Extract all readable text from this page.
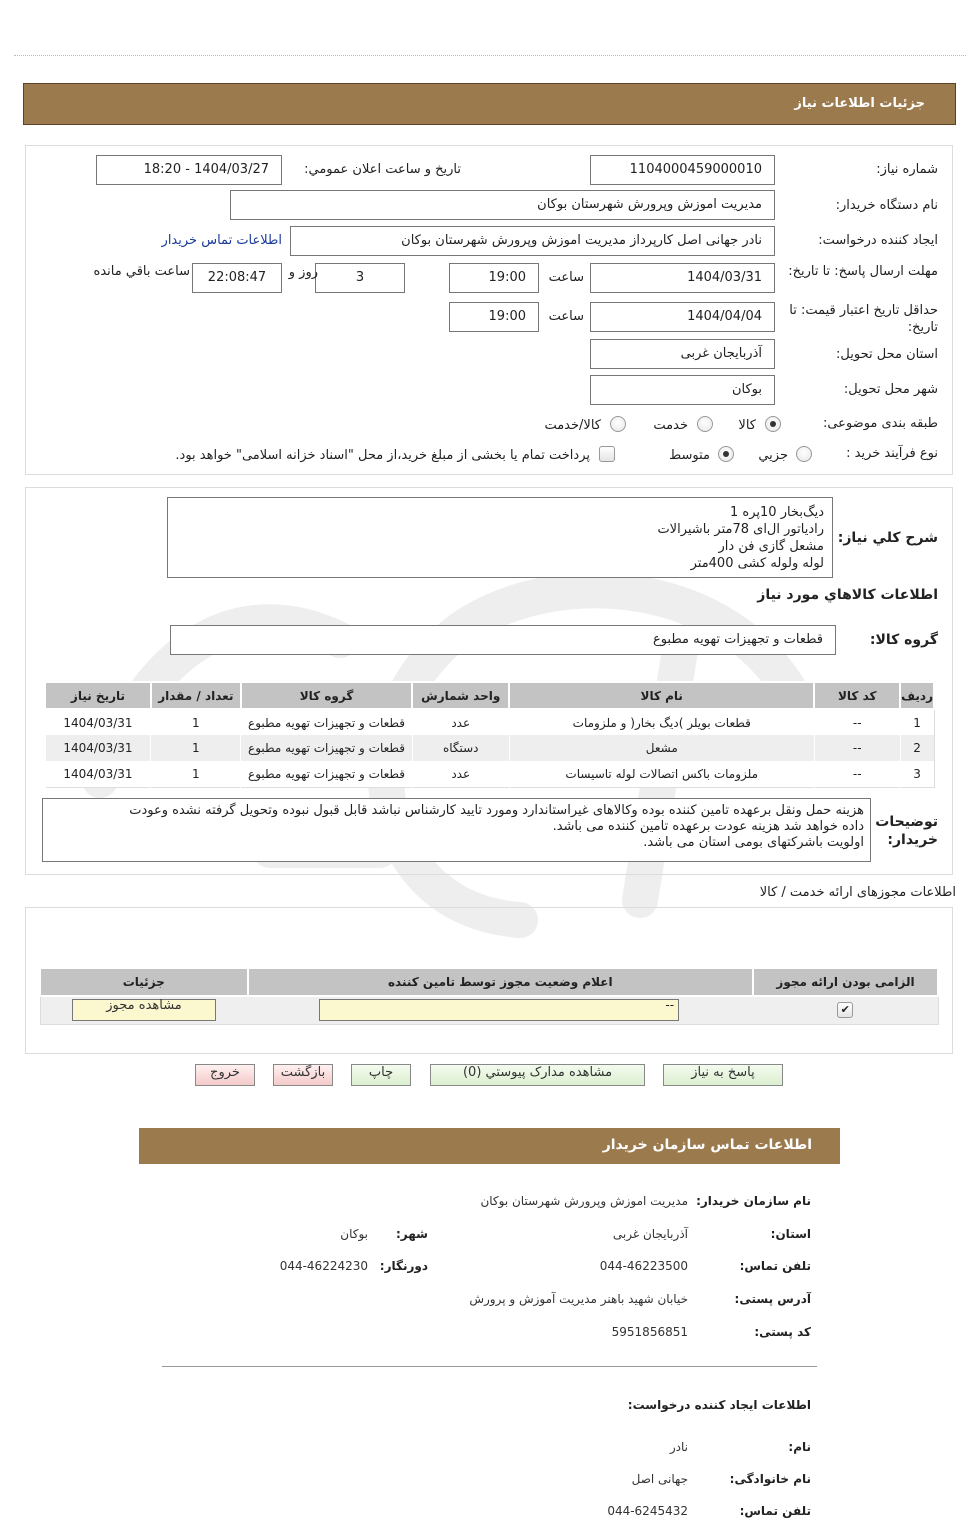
جزئيات اطلاعات نياز
شماره نياز:
1104000459000010
تاريخ و ساعت اعلان عمومي:
1404/03/27 - 18:20
نام دستگاه خريدار:
مديريت اموزش وپرورش شهرستان بوکان
ايجاد کننده درخواست:
نادر جهانی اصل کارپرداز مديريت اموزش وپرورش شهرستان بوکان
اطلاعات تماس خريدار
مهلت ارسال پاسخ: تا تاريخ:
1404/03/31
ساعت
19:00
3
روز و
22:08:47
ساعت باقي مانده
حداقل تاريخ اعتبار قيمت: تا تاريخ:
1404/04/04
ساعت
19:00
استان محل تحويل:
آذربايجان غربی
شهر محل تحويل:
بوکان
طبقه بندی موضوعی:
کالا
خدمت
کالا/خدمت
نوع فرآيند خريد :
جزيي
متوسط
پرداخت تمام يا بخشی از مبلغ خريد،از محل "اسناد خزانه اسلامی" خواهد بود.
شرح کلي نياز:
ديگ‌بخار 10پره 1
راديا‌تور ال‌ای 78‌متر باشيرالات
مشعل گازی فن دار
لوله ولوله کشی 400‌متر
اطلاعات کالاهاي مورد نياز
گروه کالا:
قطعات و تجهيزات تهويه مطبوع
رديف	کد کالا	نام کالا	واحد شمارش	گروه کالا	تعداد / مقدار	تاريخ نياز
1	--	قطعات بويلر )ديگ بخار( و ملزومات	عدد	قطعات و تجهيزات تهويه مطبوع	1	1404/03/31
2	--	مشعل	دستگاه	قطعات و تجهيزات تهويه مطبوع	1	1404/03/31
3	--	ملزومات باکس اتصالات لوله تاسيسات	عدد	قطعات و تجهيزات تهويه مطبوع	1	1404/03/31
توضيحات خريدار:
هزينه حمل ونقل برعهده تامين کننده بوده وکالاهای غيراستاندارد ومورد تاييد کارشناس نباشد قابل قبول نبوده وتحويل گرفته نشده وعودت
داده خواهد شد هزينه عودت برعهده تامين کننده می باشد.
اولويت باشرکتهای بومی استان می باشد.
اطلاعات مجوزهای ارائه خدمت / کالا
الزامی بودن ارائه مجوز	اعلام وضعيت مجوز توسط تامين کننده	جزئيات
✔	--	مشاهده مجوز
پاسخ به نياز
مشاهده مدارک پيوستي (0)
چاپ
بازگشت
خروج
اطلاعات تماس سازمان خريدار
نام سازمان خريدار:
مديريت اموزش وپرورش شهرستان بوکان
استان:
آذربايجان غربی
شهر:
بوکان
تلفن تماس:
044-46223500
دورنگار:
044-46224230
آدرس پستی:
خيابان شهيد باهنر مديريت آموزش و پرورش
کد پستی:
5951856851
اطلاعات ايجاد کننده درخواست:
نام:
نادر
نام خانوادگی:
جهانی اصل
تلفن تماس:
044-6245432
